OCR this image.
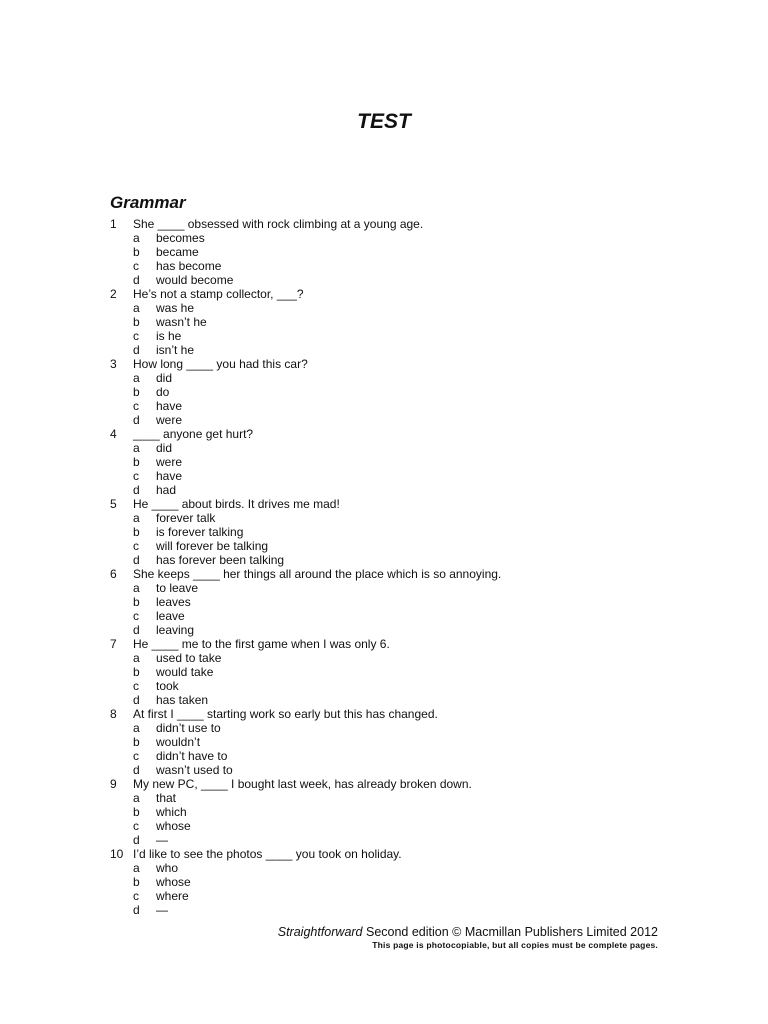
TEST
Grammar
1	She ____ obsessed with rock climbing at a young age.
a	becomes
b	became
c	has become
d	would become
2	He’s not a stamp collector, ___?
a	was he
b	wasn’t he
c	is he
d	isn’t he
3	How long ____ you had this car?
a	did
b	do
c	have
d	were
4	____ anyone get hurt?
a	did
b	were
c	have
d	had
5	He ____ about birds. It drives me mad!
a	forever talk
b	is forever talking
c	will forever be talking
d	has forever been talking
6	She keeps ____ her things all around the place which is so annoying.
a	to leave
b	leaves
c	leave
d	leaving
7	He ____ me to the first game when I was only 6.
a	used to take
b	would take
c	took
d	has taken
8	At first I ____ starting work so early but this has changed.
a	didn’t use to
b	wouldn’t
c	didn’t have to
d	wasn’t used to
9	My new PC, ____ I bought last week, has already broken down.
a	that
b	which
c	whose
d	—
10 I’d like to see the photos ____ you took on holiday.
a	who
b	whose
c	where
d	—
Straightforward Second edition © Macmillan Publishers Limited 2012
This page is photocopiable, but all copies must be complete pages.
